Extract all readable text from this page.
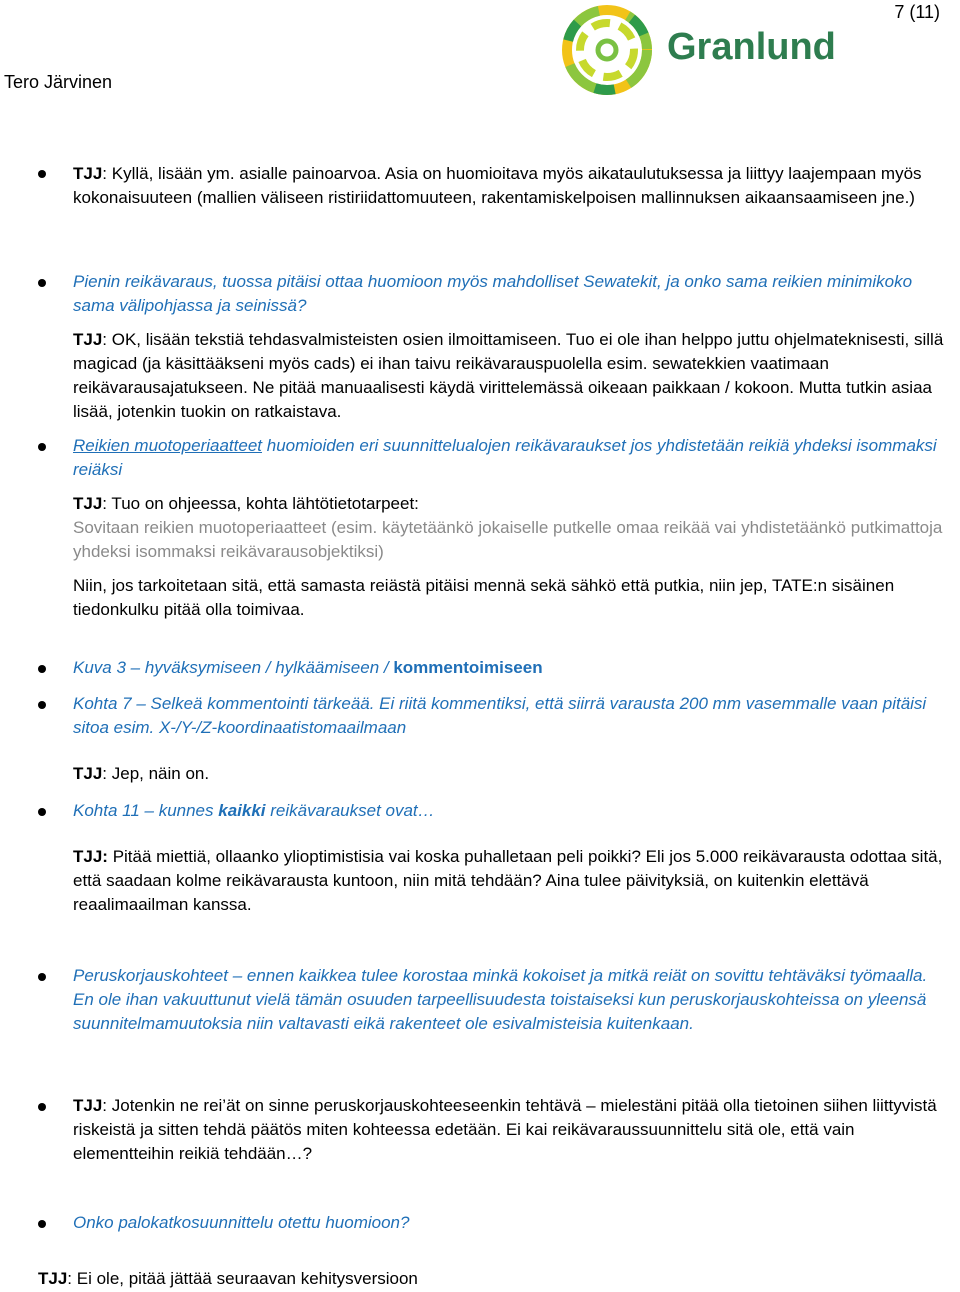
7 (11)
Tero Järvinen
Granlund

TJJ: Kyllä, lisään ym. asialle painoarvoa. Asia on huomioitava myös aikataulutuksessa ja liittyy laajempaan myös kokonaisuuteen (mallien väliseen ristiriidattomuuteen, rakentamiskelpoisen mallinnuksen aikaansaamiseen jne.)

Pienin reikävaraus, tuossa pitäisi ottaa huomioon myös mahdolliset Sewatekit, ja onko sama reikien minimikoko sama välipohjassa ja seinissä?

TJJ: OK, lisään tekstiä tehdasvalmisteisten osien ilmoittamiseen. Tuo ei ole ihan helppo juttu ohjelmateknisesti, sillä magicad (ja käsittääkseni myös cads) ei ihan taivu reikävarauspuolella esim. sewatekkien vaatimaan reikävarausajatukseen. Ne pitää manuaalisesti käydä virittelemässä oikeaan paikkaan / kokoon. Mutta tutkin asiaa lisää, jotenkin tuokin on ratkaistava.

Reikien muotoperiaatteet huomioiden eri suunnittelualojen reikävaraukset jos yhdistetään reikiä yhdeksi isommaksi reiäksi

TJJ: Tuo on ohjeessa, kohta lähtötietotarpeet:

Sovitaan reikien muotoperiaatteet (esim. käytetäänkö jokaiselle putkelle omaa reikää vai yhdistetäänkö putkimattoja yhdeksi isommaksi reikävarausobjektiksi)

Niin, jos tarkoitetaan sitä, että samasta reiästä pitäisi mennä sekä sähkö että putkia, niin jep, TATE:n sisäinen tiedonkulku pitää olla toimivaa.

Kuva 3 – hyväksymiseen / hylkäämiseen / kommentoimiseen

Kohta 7 – Selkeä kommentointi tärkeää. Ei riitä kommentiksi, että siirrä varausta 200 mm vasemmalle vaan pitäisi sitoa esim. X-/Y-/Z-koordinaatistomaailmaan

TJJ: Jep, näin on.

Kohta 11 – kunnes kaikki reikävaraukset ovat…

TJJ: Pitää miettiä, ollaanko ylioptimistisia vai koska puhalletaan peli poikki? Eli jos 5.000 reikävarausta odottaa sitä, että saadaan kolme reikävarausta kuntoon, niin mitä tehdään? Aina tulee päivityksiä, on kuitenkin elettävä reaalimaailman kanssa.

Peruskorjauskohteet – ennen kaikkea tulee korostaa minkä kokoiset ja mitkä reiät on sovittu tehtäväksi työmaalla. En ole ihan vakuuttunut vielä tämän osuuden tarpeellisuudesta toistaiseksi kun peruskorjauskohteissa on yleensä suunnitelmamuutoksia niin valtavasti eikä rakenteet ole esivalmisteisia kuitenkaan.

TJJ: Jotenkin ne rei’ät on sinne peruskorjauskohteeseenkin tehtävä – mielestäni pitää olla tietoinen siihen liittyvistä riskeistä ja sitten tehdä päätös miten kohteessa edetään. Ei kai reikävaraussuunnittelu sitä ole, että vain elementteihin reikiä tehdään…?

Onko palokatkosuunnittelu otettu huomioon?

TJJ: Ei ole, pitää jättää seuraavan kehitysversioon
